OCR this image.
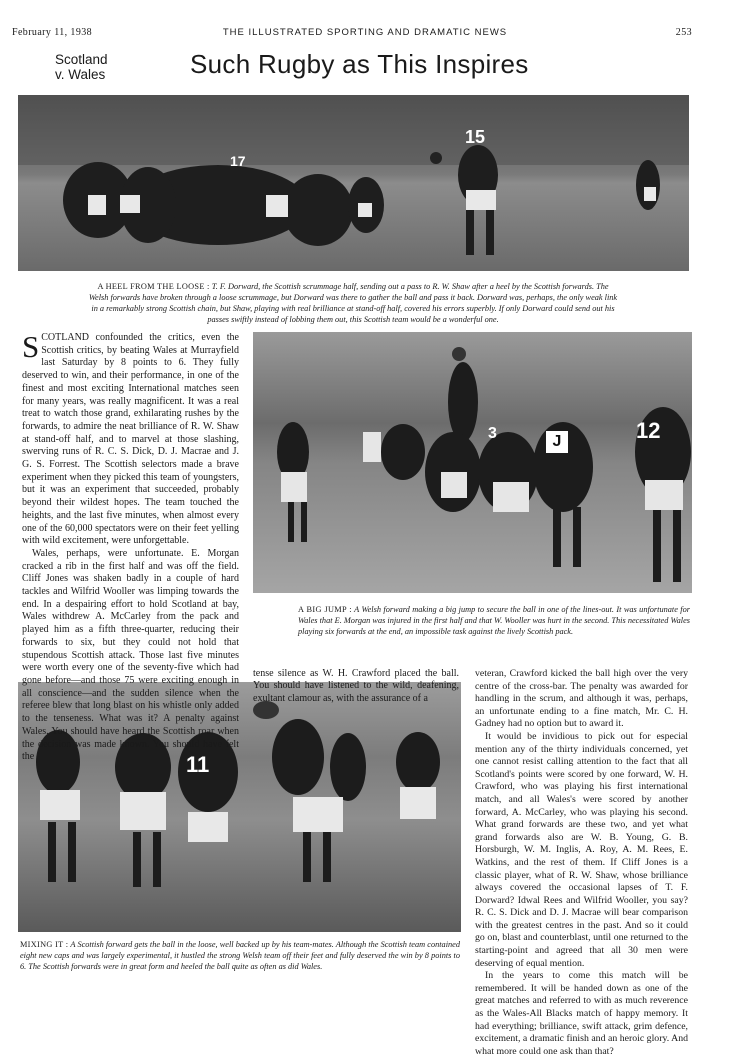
February 11, 1938	THE ILLUSTRATED SPORTING AND DRAMATIC NEWS	253
Scotland
v. Wales	Such Rugby as This Inspires
15
17
A HEEL FROM THE LOOSE : T. F. Dorward, the Scottish scrummage half, sending out a pass to R. W. Shaw after a heel by the Scottish forwards. The Welsh forwards have broken through a loose scrummage, but Dorward was there to gather the ball and pass it back. Dorward was, perhaps, the only weak link in a remarkably strong Scottish chain, but Shaw, playing with real brilliance at stand-off half, covered his errors superbly. If only Dorward could send out his passes swiftly instead of lobbing them out, this Scottish team would be a wonderful one.
3	J	12
A BIG JUMP : A Welsh forward making a big jump to secure the ball in one of the lines-out. It was unfortunate for Wales that E. Morgan was injured in the first half and that W. Wooller was hurt in the second. This necessitated Wales playing six forwards at the end, an impossible task against the lively Scottish pack.
11
MIXING IT : A Scottish forward gets the ball in the loose, well backed up by his team-mates. Although the Scottish team contained eight new caps and was largely experimental, it hustled the strong Welsh team off their feet and fully deserved the win by 8 points to 6. The Scottish forwards were in great form and heeled the ball quite as often as did Wales.

SCOTLAND confounded the critics, even the Scottish critics, by beating Wales at Murrayfield last Saturday by 8 points to 6. They fully deserved to win, and their performance, in one of the finest and most exciting International matches seen for many years, was really magnificent. It was a real treat to watch those grand, exhilarating rushes by the forwards, to admire the neat brilliance of R. W. Shaw at stand-off half, and to marvel at those slashing, swerving runs of R. C. S. Dick, D. J. Macrae and J. G. S. Forrest. The Scottish selectors made a brave experiment when they picked this team of youngsters, but it was an experiment that succeeded, probably beyond their wildest hopes. The team touched the heights, and the last five minutes, when almost every one of the 60,000 spectators were on their feet yelling with wild excitement, were unforgettable.

Wales, perhaps, were unfortunate. E. Morgan cracked a rib in the first half and was off the field. Cliff Jones was shaken badly in a couple of hard tackles and Wilfrid Wooller was limping towards the end. In a despairing effort to hold Scotland at bay, Wales withdrew A. McCarley from the pack and played him as a fifth three-quarter, reducing their forwards to six, but they could not hold that stupendous Scottish attack. Those last five minutes were worth every one of the seventy-five which had gone before—and those 75 were exciting enough in all conscience—and the sudden silence when the referee blew that long blast on his whistle only added to the tenseness. What was it? A penalty against Wales. You should have heard the Scottish roar when the decision was made known. You should have felt the

tense silence as W. H. Crawford placed the ball. You should have listened to the wild, deafening, exultant clamour as, with the assurance of a

veteran, Crawford kicked the ball high over the very centre of the cross-bar. The penalty was awarded for handling in the scrum, and although it was, perhaps, an unfortunate ending to a fine match, Mr. C. H. Gadney had no option but to award it.

It would be invidious to pick out for especial mention any of the thirty individuals concerned, yet one cannot resist calling attention to the fact that all Scotland's points were scored by one forward, W. H. Crawford, who was playing his first international match, and all Wales's were scored by another forward, A. McCarley, who was playing his second. What grand forwards are these two, and yet what grand forwards also are W. B. Young, G. B. Horsburgh, W. M. Inglis, A. Roy, A. M. Rees, E. Watkins, and the rest of them. If Cliff Jones is a classic player, what of R. W. Shaw, whose brilliance always covered the occasional lapses of T. F. Dorward? Idwal Rees and Wilfrid Wooller, you say? R. C. S. Dick and D. J. Macrae will bear comparison with the greatest centres in the past. And so it could go on, blast and counterblast, until one returned to the starting-point and agreed that all 30 men were deserving of equal mention.

In the years to come this match will be remembered. It will be handed down as one of the great matches and referred to with as much reverence as the Wales-All Blacks match of happy memory. It had everything; brilliance, swift attack, grim defence, excitement, a dramatic finish and an heroic glory. And what more could one ask than that?
